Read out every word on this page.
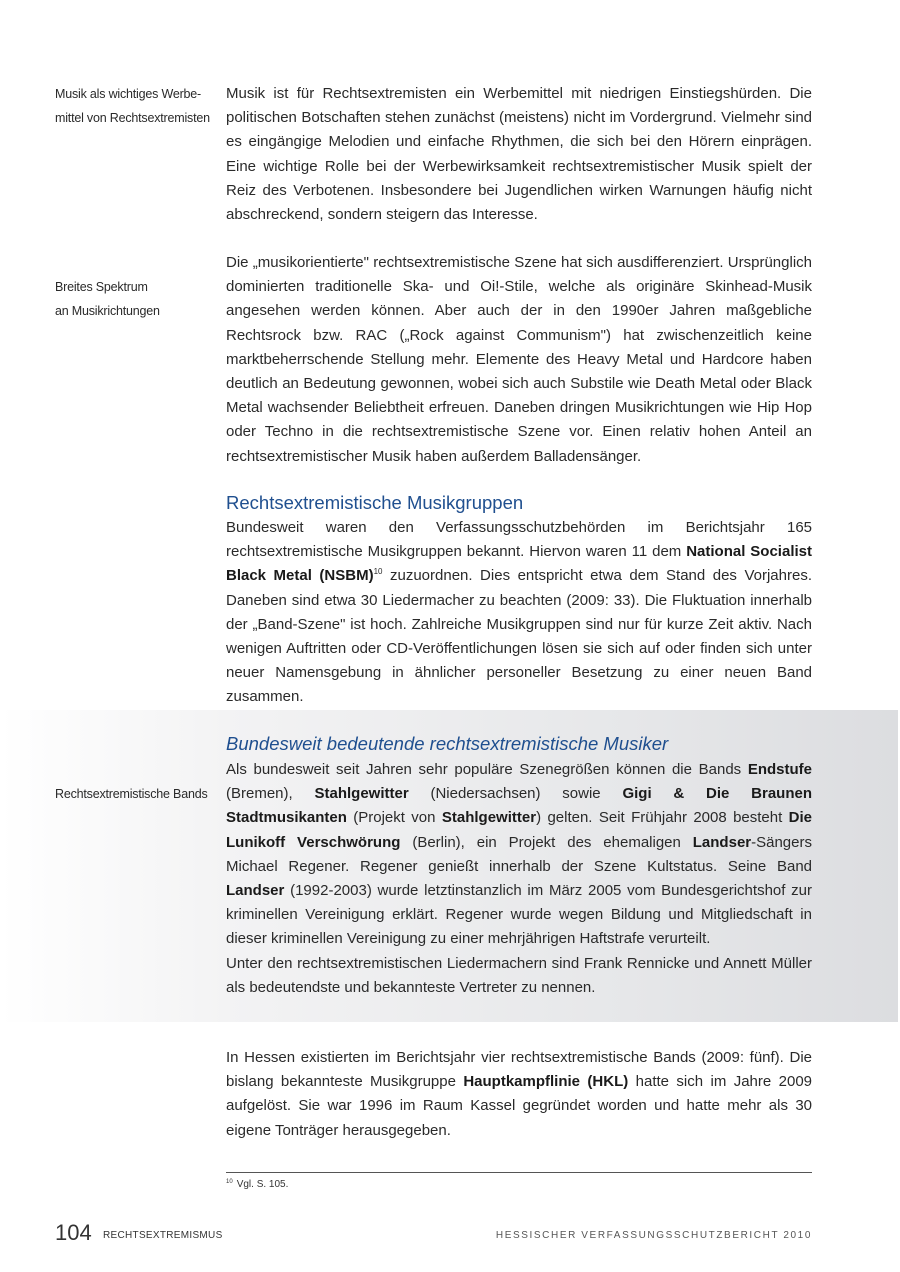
Musik als wichtiges Werbe-
mittel von Rechtsextremisten
Breites Spektrum
an Musikrichtungen
Rechtsextremistische Bands

Musik ist für Rechtsextremisten ein Werbemittel mit niedrigen Einstiegshürden. Die politischen Botschaften stehen zunächst (meistens) nicht im Vordergrund. Vielmehr sind es eingängige Melodien und einfache Rhythmen, die sich bei den Hörern einprägen. Eine wichtige Rolle bei der Werbewirksamkeit rechtsextremistischer Musik spielt der Reiz des Verbotenen. Insbesondere bei Jugendlichen wirken Warnungen häufig nicht abschreckend, sondern steigern das Interesse.

Die „musikorientierte" rechtsextremistische Szene hat sich ausdifferenziert. Ursprünglich dominierten traditionelle Ska- und Oi!-Stile, welche als originäre Skinhead-Musik angesehen werden können. Aber auch der in den 1990er Jahren maßgebliche Rechtsrock bzw. RAC („Rock against Communism") hat zwischenzeitlich keine marktbeherrschende Stellung mehr. Elemente des Heavy Metal und Hardcore haben deutlich an Bedeutung gewonnen, wobei sich auch Substile wie Death Metal oder Black Metal wachsender Beliebtheit erfreuen. Daneben dringen Musikrichtungen wie Hip Hop oder Techno in die rechtsextremistische Szene vor. Einen relativ hohen Anteil an rechtsextremistischer Musik haben außerdem Balladensänger.

Rechtsextremistische Musikgruppen

Bundesweit waren den Verfassungsschutzbehörden im Berichtsjahr 165 rechtsextremistische Musikgruppen bekannt. Hiervon waren 11 dem National Socialist Black Metal (NSBM)$^{10}$ zuzuordnen. Dies entspricht etwa dem Stand des Vorjahres. Daneben sind etwa 30 Liedermacher zu beachten (2009: 33). Die Fluktuation innerhalb der „Band-Szene" ist hoch. Zahlreiche Musikgruppen sind nur für kurze Zeit aktiv. Nach wenigen Auftritten oder CD-Veröffentlichungen lösen sie sich auf oder finden sich unter neuer Namensgebung in ähnlicher personeller Besetzung zu einer neuen Band zusammen.

Bundesweit bedeutende rechtsextremistische Musiker

Als bundesweit seit Jahren sehr populäre Szenegrößen können die Bands Endstufe (Bremen), Stahlgewitter (Niedersachsen) sowie Gigi & Die Braunen Stadtmusikanten (Projekt von Stahlgewitter) gelten. Seit Frühjahr 2008 besteht Die Lunikoff Verschwörung (Berlin), ein Projekt des ehemaligen Landser-Sängers Michael Regener. Regener genießt innerhalb der Szene Kultstatus. Seine Band Landser (1992-2003) wurde letztinstanzlich im März 2005 vom Bundesgerichtshof zur kriminellen Vereinigung erklärt. Regener wurde wegen Bildung und Mitgliedschaft in dieser kriminellen Vereinigung zu einer mehrjährigen Haftstrafe verurteilt.

Unter den rechtsextremistischen Liedermachern sind Frank Rennicke und Annett Müller als bedeutendste und bekannteste Vertreter zu nennen.

In Hessen existierten im Berichtsjahr vier rechtsextremistische Bands (2009: fünf). Die bislang bekannteste Musikgruppe Hauptkampflinie (HKL) hatte sich im Jahre 2009 aufgelöst. Sie war 1996 im Raum Kassel gegründet worden und hatte mehr als 30 eigene Tonträger herausgegeben.

$^{10}$ Vgl. S. 105.
104 RECHTSEXTREMISMUS	HESSISCHER VERFASSUNGSSCHUTZBERICHT 2010
